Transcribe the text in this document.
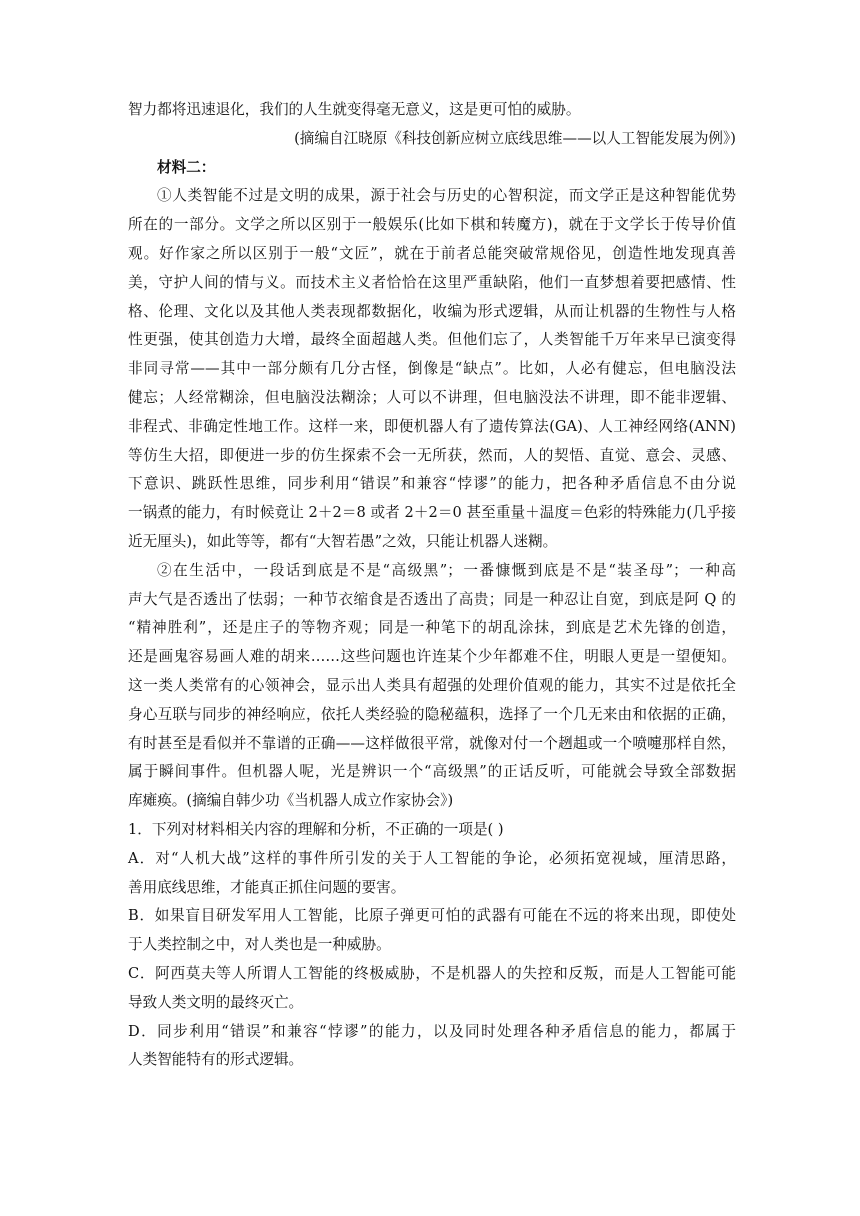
智力都将迅速退化，我们的人生就变得毫无意义，这是更可怕的威胁。
(摘编自江晓原《科技创新应树立底线思维——以人工智能发展为例》)
材料二：
①人类智能不过是文明的成果，源于社会与历史的心智积淀，而文学正是这种智能优势
所在的一部分。文学之所以区别于一般娱乐(比如下棋和转魔方)，就在于文学长于传导价值
观。好作家之所以区别于一般“文匠”，就在于前者总能突破常规俗见，创造性地发现真善
美，守护人间的情与义。而技术主义者恰恰在这里严重缺陷，他们一直梦想着要把感情、性
格、伦理、文化以及其他人类表现都数据化，收编为形式逻辑，从而让机器的生物性与人格
性更强，使其创造力大增，最终全面超越人类。但他们忘了，人类智能千万年来早已演变得
非同寻常——其中一部分颇有几分古怪，倒像是“缺点”。比如，人必有健忘，但电脑没法
健忘；人经常糊涂，但电脑没法糊涂；人可以不讲理，但电脑没法不讲理，即不能非逻辑、
非程式、非确定性地工作。这样一来，即便机器人有了遗传算法(GA)、人工神经网络(ANN)
等仿生大招，即便进一步的仿生探索不会一无所获，然而，人的契悟、直觉、意会、灵感、
下意识、跳跃性思维，同步利用“错误”和兼容“悖谬”的能力，把各种矛盾信息不由分说
一锅煮的能力，有时候竟让 2＋2＝8 或者 2＋2＝0 甚至重量＋温度＝色彩的特殊能力(几乎接
近无厘头)，如此等等，都有“大智若愚”之效，只能让机器人迷糊。
②在生活中，一段话到底是不是“高级黑”；一番慷慨到底是不是“装圣母”；一种高
声大气是否透出了怯弱；一种节衣缩食是否透出了高贵；同是一种忍让自宽，到底是阿 Q 的
“精神胜利”，还是庄子的等物齐观；同是一种笔下的胡乱涂抹，到底是艺术先锋的创造，
还是画鬼容易画人难的胡来……这些问题也许连某个少年都难不住，明眼人更是一望便知。
这一类人类常有的心领神会，显示出人类具有超强的处理价值观的能力，其实不过是依托全
身心互联与同步的神经响应，依托人类经验的隐秘蕴积，选择了一个几无来由和依据的正确，
有时甚至是看似并不靠谱的正确——这样做很平常，就像对付一个趔趄或一个喷嚏那样自然，
属于瞬间事件。但机器人呢，光是辨识一个“高级黑”的正话反听，可能就会导致全部数据
库瘫痪。(摘编自韩少功《当机器人成立作家协会》)
1．下列对材料相关内容的理解和分析，不正确的一项是( )
A．对“人机大战”这样的事件所引发的关于人工智能的争论，必须拓宽视域，厘清思路，
善用底线思维，才能真正抓住问题的要害。
B．如果盲目研发军用人工智能，比原子弹更可怕的武器有可能在不远的将来出现，即使处
于人类控制之中，对人类也是一种威胁。
C．阿西莫夫等人所谓人工智能的终极威胁，不是机器人的失控和反叛，而是人工智能可能
导致人类文明的最终灭亡。
D．同步利用“错误”和兼容“悖谬”的能力，以及同时处理各种矛盾信息的能力，都属于
人类智能特有的形式逻辑。
